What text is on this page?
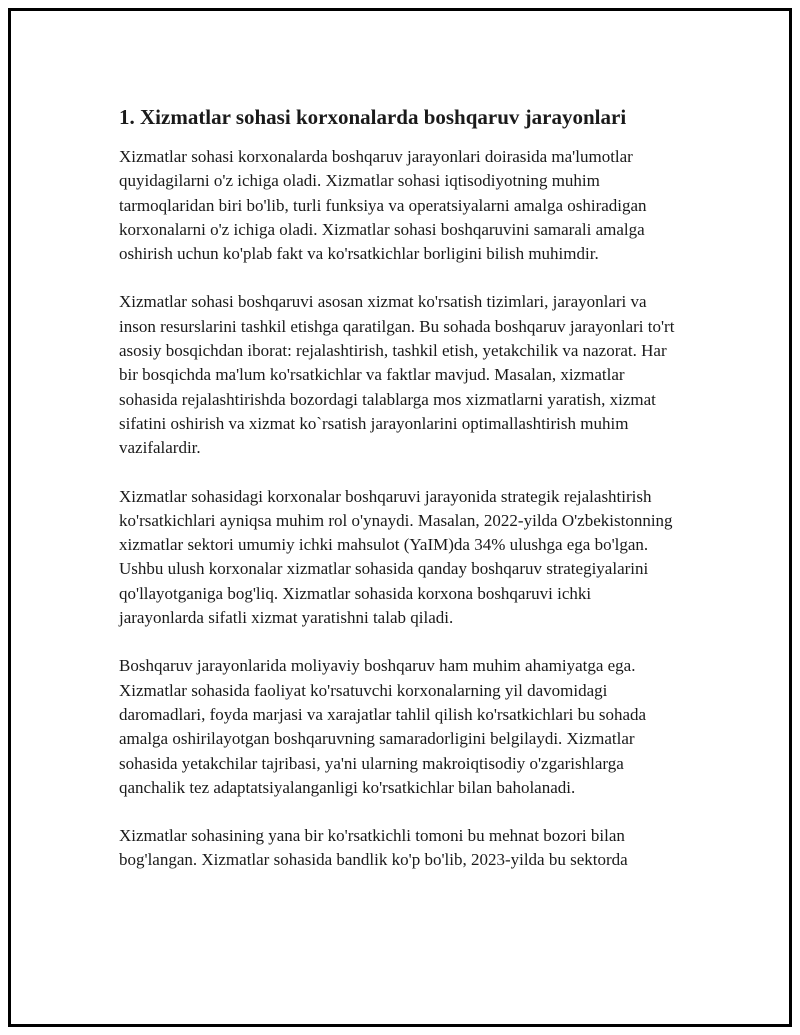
1. Xizmatlar sohasi korxonalarda boshqaruv jarayonlari

Xizmatlar sohasi korxonalarda boshqaruv jarayonlari doirasida ma'lumotlar quyidagilarni o'z ichiga oladi. Xizmatlar sohasi iqtisodiyotning muhim tarmoqlaridan biri bo'lib, turli funksiya va operatsiyalarni amalga oshiradigan korxonalarni o'z ichiga oladi. Xizmatlar sohasi boshqaruvini samarali amalga oshirish uchun ko'plab fakt va ko'rsatkichlar borligini bilish muhimdir.

Xizmatlar sohasi boshqaruvi asosan xizmat ko'rsatish tizimlari, jarayonlari va inson resurslarini tashkil etishga qaratilgan. Bu sohada boshqaruv jarayonlari to'rt asosiy bosqichdan iborat: rejalashtirish, tashkil etish, yetakchilik va nazorat. Har bir bosqichda ma'lum ko'rsatkichlar va faktlar mavjud. Masalan, xizmatlar sohasida rejalashtirishda bozordagi talablarga mos xizmatlarni yaratish, xizmat sifatini oshirish va xizmat ko`rsatish jarayonlarini optimallashtirish muhim vazifalardir.

Xizmatlar sohasidagi korxonalar boshqaruvi jarayonida strategik rejalashtirish ko'rsatkichlari ayniqsa muhim rol o'ynaydi. Masalan, 2022-yilda O'zbekistonning xizmatlar sektori umumiy ichki mahsulot (YaIM)da 34% ulushga ega bo'lgan. Ushbu ulush korxonalar xizmatlar sohasida qanday boshqaruv strategiyalarini qo'llayotganiga bog'liq. Xizmatlar sohasida korxona boshqaruvi ichki jarayonlarda sifatli xizmat yaratishni talab qiladi.

Boshqaruv jarayonlarida moliyaviy boshqaruv ham muhim ahamiyatga ega. Xizmatlar sohasida faoliyat ko'rsatuvchi korxonalarning yil davomidagi daromadlari, foyda marjasi va xarajatlar tahlil qilish ko'rsatkichlari bu sohada amalga oshirilayotgan boshqaruvning samaradorligini belgilaydi. Xizmatlar sohasida yetakchilar tajribasi, ya'ni ularning makroiqtisodiy o'zgarishlarga qanchalik tez adaptatsiyalanganligi ko'rsatkichlar bilan baholanadi.

Xizmatlar sohasining yana bir ko'rsatkichli tomoni bu mehnat bozori bilan bog'langan. Xizmatlar sohasida bandlik ko'p bo'lib, 2023-yilda bu sektorda
